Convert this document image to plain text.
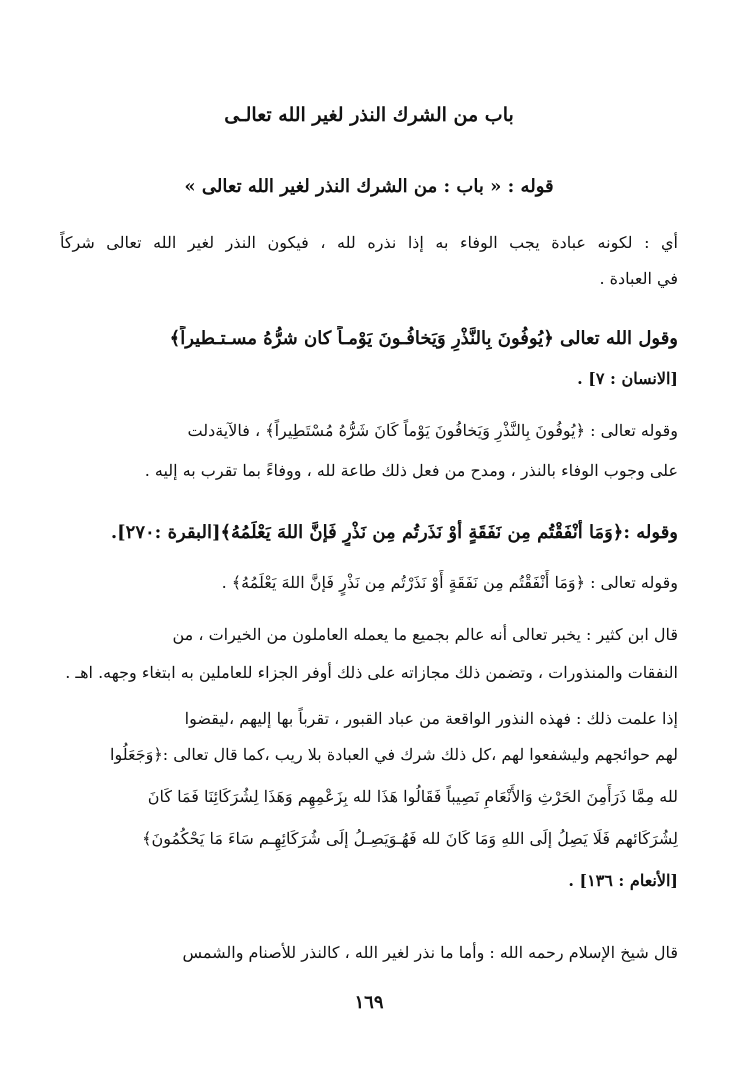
باب من الشرك النذر لغير الله تعالـى
قوله : « باب : من الشرك النذر لغير الله تعالى »
أي : لكونه عبادة يجب الوفاء به إذا نذره لله ، فيكون النذر لغير الله تعالى شركاً
في العبادة .
وقول الله تعالى ﴿يُوفُونَ بِالنَّذْرِ وَيَخافُـونَ يَوْمـاً كان شرُّهُ مسـتـطيراً﴾
[الانسان : ٧] .
وقوله تعالى : ﴿يُوفُونَ بِالنَّذْرِ وَيَخافُونَ يَوْماً كَانَ شَرُّهُ مُسْتَطِيراً﴾ ، فالآيةدلت
على وجوب الوفاء بالنذر ، ومدح من فعل ذلك طاعة لله ، ووفاءً بما تقرب به إليه .
وقوله :﴿وَمَا أَنْفَقْتُم مِن نَفَقَةٍ أَوْ نَذَرتُم مِن نَذْرٍ فَإنَّ اللهَ يَعْلَمُهُ﴾[البقرة :٢٧٠].
وقوله تعالى : ﴿وَمَا أَنْفَقْتُم مِن نَفَقَةٍ أَوْ نَذَرْتُم مِن نَذْرٍ فَإنَّ اللهَ يَعْلَمُهُ﴾ .
قال ابن كثير : يخبر تعالى أنه عالم بجميع ما يعمله العاملون من الخيرات ، من
النفقات والمنذورات ، وتضمن ذلك مجازاته على ذلك أوفر الجزاء للعاملين به ابتغاء وجهه. اهـ .
إذا علمت ذلك : فهذه النذور الواقعة من عباد القبور ، تقرباً بها إليهم ،ليقضوا
لهم حوائجهم وليشفعوا لهم ،كل ذلك شرك في العبادة بلا ريب ،كما قال تعالى :﴿وَجَعَلُوا
لله مِمَّا ذَرَأَمِنَ الحَرْثِ وَالأَنْعَامِ نَصِيباً فَقَالُوا هَذَا لله بِزَعْمِهِم وَهَذَا لِشُرَكَائِنَا فَمَا كَانَ
لِشُرَكَائهم فَلَا يَصِلُ إلَى اللهِ وَمَا كَانَ لله فَهُـوَيَصِـلُ إلَى شُرَكَائِهِـم سَاءَ مَا يَحْكُمُونَ﴾
[الأنعام : ١٣٦] .
قال شيخ الإسلام رحمه الله : وأما ما نذر لغير الله ، كالنذر للأصنام والشمس
١٦٩
